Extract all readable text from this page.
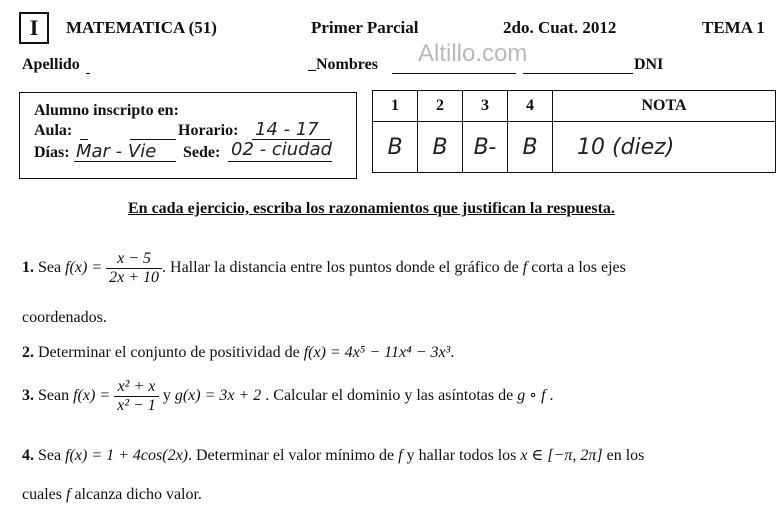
I	MATEMATICA (51)	Primer Parcial	2do. Cuat. 2012	TEMA 1
Altillo.com
Apellido	_Nombres	DNI
Alumno inscripto en:
Aula:	Horario: 14 - 17
Días: Mar - Vie Sede: 02 - ciudad
1	2	3	4	NOTA
B	B	B-	B	10 (diez)
En cada ejercicio, escriba los razonamientos que justifican la respuesta.
1. Sea $f(x) = \frac{x - 5}{2x + 10}$ . Hallar la distancia entre los puntos donde el gráfico de f corta a los ejes
coordenados.
2. Determinar el conjunto de positividad de f(x) = 4x⁵ − 11x⁴ − 3x³.
3. Sean $f(x) = \frac{\text{x² + x}}{\text{x² − 1}}$ y g(x) = 3x + 2 . Calcular el dominio y las asíntotas de g ∘ f .
4. Sea f(x) = 1 + 4cos(2x). Determinar el valor mínimo de f y hallar todos los x ∈ [−π, 2π] en los
cuales f alcanza dicho valor.
